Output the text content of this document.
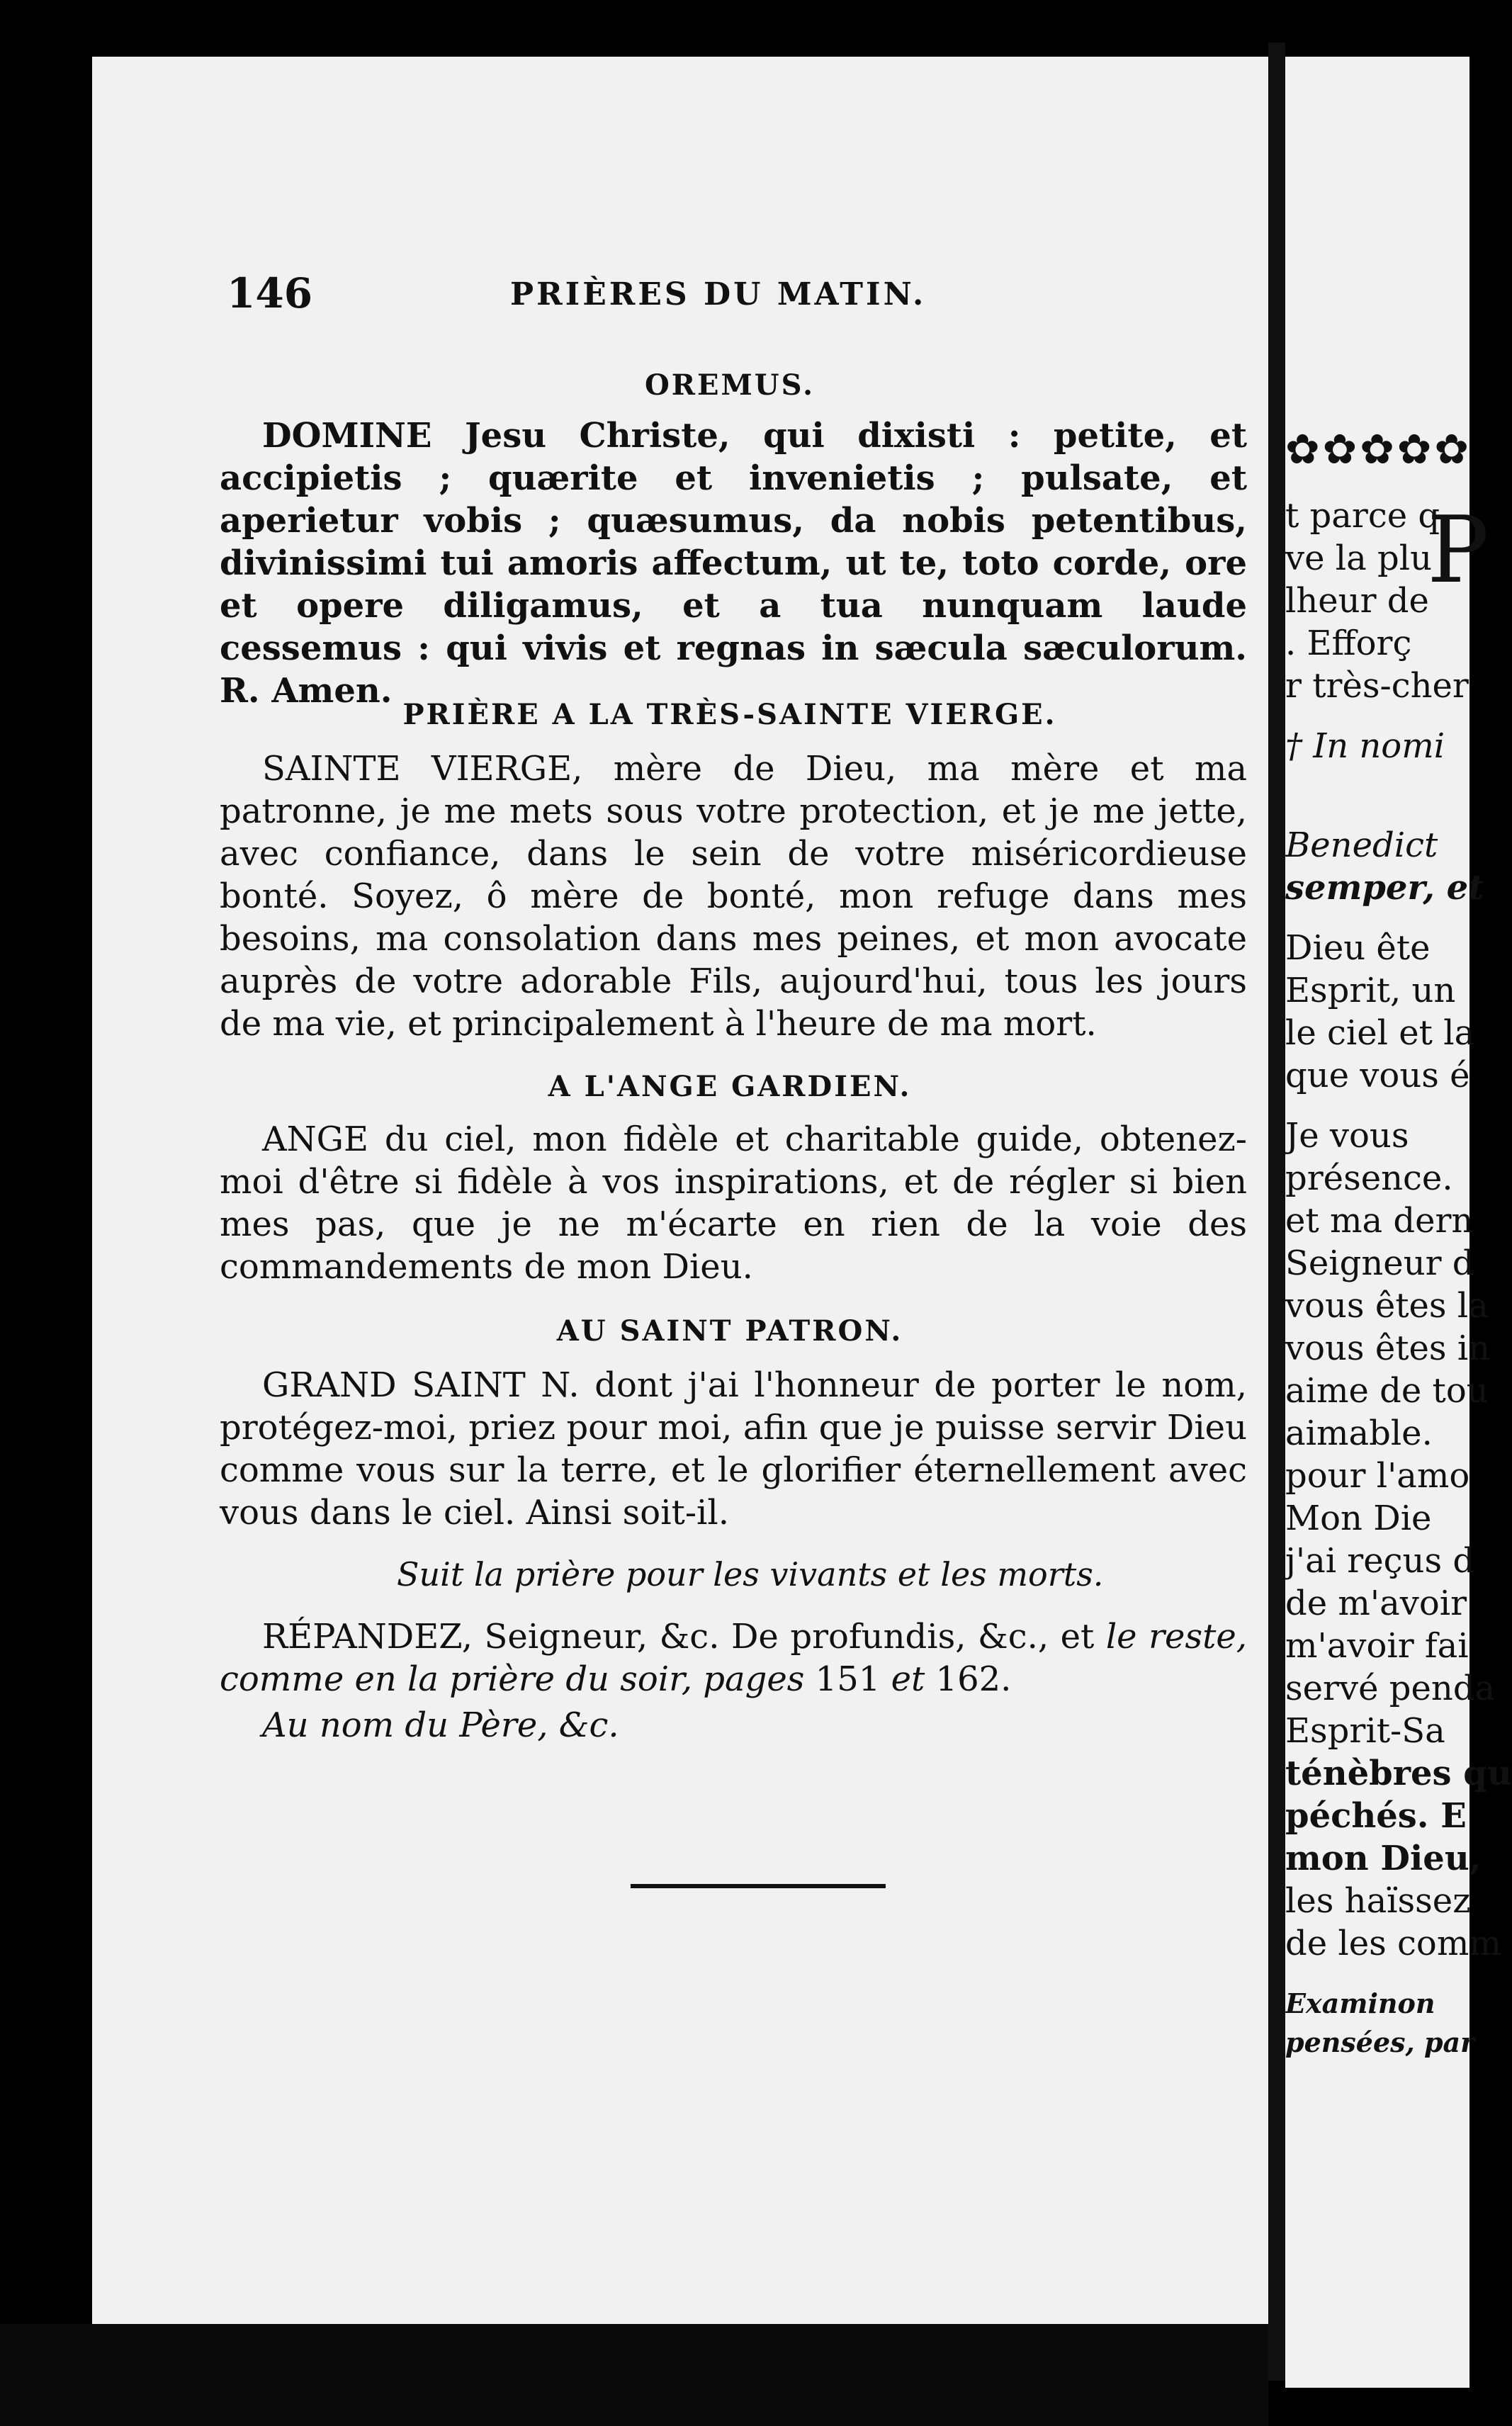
✿✿✿✿✿
P
t parce q
ve la plu
lheur de
. Efforç
r très-cher
† In nomi
Benedict
semper, et
Dieu ête
Esprit, un
le ciel et la
que vous é
Je vous
présence.
et ma dern
Seigneur d
vous êtes la
vous êtes in
aime de tou
aimable.
pour l'amo
Mon Die
j'ai reçus d
de m'avoir
m'avoir fai
servé penda
Esprit-Sa
ténèbres qu
péchés. E
mon Dieu,
les haïssez
de les comm
Examinon
pensées, par
146	PRIÈRES DU MATIN.
OREMUS.
DOMINE Jesu Christe, qui dixisti : petite, et accipietis ; quærite et invenietis ; pulsate, et aperietur vobis ; quæsumus, da nobis petentibus, divinissimi tui amoris affectum, ut te, toto corde, ore et opere diligamus, et a tua nunquam laude cessemus : qui vivis et regnas in sæcula sæculorum. R. Amen.
PRIÈRE A LA TRÈS-SAINTE VIERGE.
SAINTE VIERGE, mère de Dieu, ma mère et ma patronne, je me mets sous votre protection, et je me jette, avec confiance, dans le sein de votre miséricordieuse bonté. Soyez, ô mère de bonté, mon refuge dans mes besoins, ma consolation dans mes peines, et mon avocate auprès de votre adorable Fils, aujourd'hui, tous les jours de ma vie, et principalement à l'heure de ma mort.
A L'ANGE GARDIEN.
ANGE du ciel, mon fidèle et charitable guide, obtenez-moi d'être si fidèle à vos inspirations, et de régler si bien mes pas, que je ne m'écarte en rien de la voie des commandements de mon Dieu.
AU SAINT PATRON.
GRAND SAINT N. dont j'ai l'honneur de porter le nom, protégez-moi, priez pour moi, afin que je puisse servir Dieu comme vous sur la terre, et le glorifier éternellement avec vous dans le ciel. Ainsi soit-il.
Suit la prière pour les vivants et les morts.
RÉPANDEZ, Seigneur, &c. De profundis, &c., et le reste, comme en la prière du soir, pages 151 et 162.
Au nom du Père, &c.
